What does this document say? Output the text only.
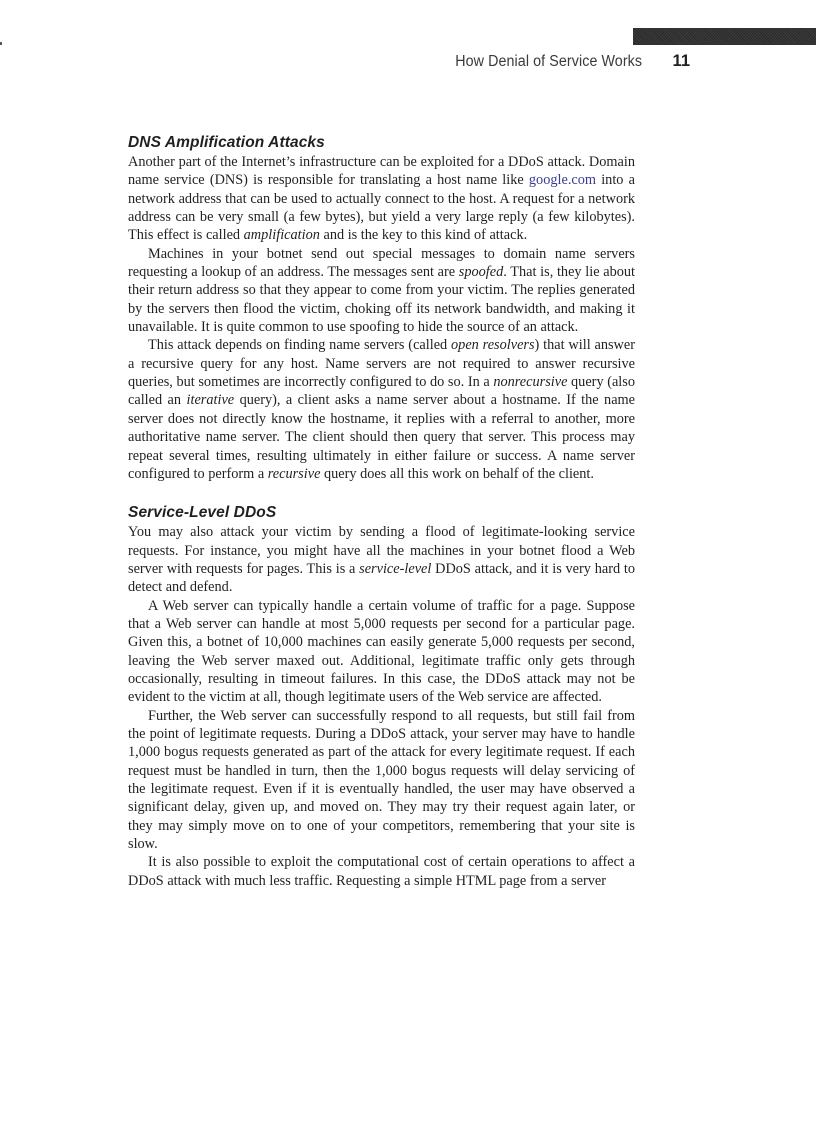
How Denial of Service Works 11
DNS Amplification Attacks

Another part of the Internet’s infrastructure can be exploited for a DDoS attack. Domain name service (DNS) is responsible for translating a host name like google.com into a network address that can be used to actually connect to the host. A request for a network address can be very small (a few bytes), but yield a very large reply (a few kilobytes). This effect is called amplification and is the key to this kind of attack.

Machines in your botnet send out special messages to domain name servers requesting a lookup of an address. The messages sent are spoofed. That is, they lie about their return address so that they appear to come from your victim. The replies generated by the servers then flood the victim, choking off its network bandwidth, and making it unavailable. It is quite common to use spoofing to hide the source of an attack.

This attack depends on finding name servers (called open resolvers) that will answer a recursive query for any host. Name servers are not required to answer recursive queries, but sometimes are incorrectly configured to do so. In a nonrecursive query (also called an iterative query), a client asks a name server about a hostname. If the name server does not directly know the hostname, it replies with a referral to another, more authoritative name server. The client should then query that server. This process may repeat several times, resulting ultimately in either failure or success. A name server configured to perform a recursive query does all this work on behalf of the client.

Service-Level DDoS

You may also attack your victim by sending a flood of legitimate-looking service requests. For instance, you might have all the machines in your botnet flood a Web server with requests for pages. This is a service-level DDoS attack, and it is very hard to detect and defend.

A Web server can typically handle a certain volume of traffic for a page. Suppose that a Web server can handle at most 5,000 requests per second for a particular page. Given this, a botnet of 10,000 machines can easily generate 5,000 requests per second, leaving the Web server maxed out. Additional, legitimate traffic only gets through occasionally, resulting in timeout failures. In this case, the DDoS attack may not be evident to the victim at all, though legitimate users of the Web service are affected.

Further, the Web server can successfully respond to all requests, but still fail from the point of legitimate requests. During a DDoS attack, your server may have to handle 1,000 bogus requests generated as part of the attack for every legitimate request. If each request must be handled in turn, then the 1,000 bogus requests will delay servicing of the legitimate request. Even if it is eventually handled, the user may have observed a significant delay, given up, and moved on. They may try their request again later, or they may simply move on to one of your competitors, remembering that your site is slow.

It is also possible to exploit the computational cost of certain operations to affect a DDoS attack with much less traffic. Requesting a simple HTML page from a server
